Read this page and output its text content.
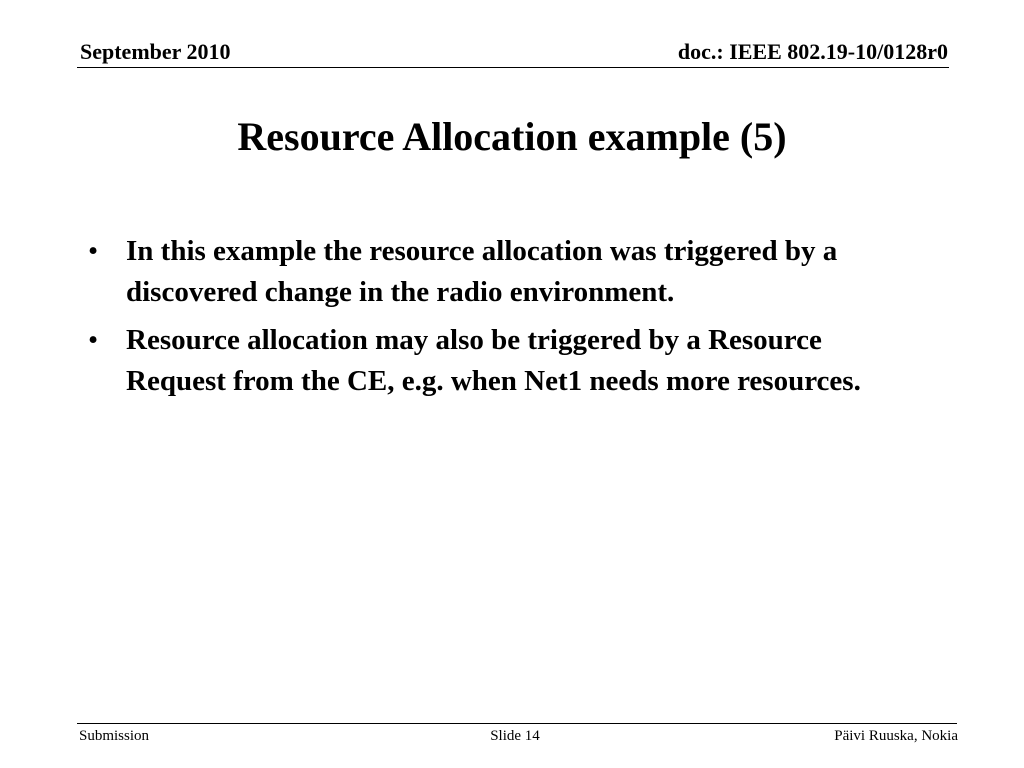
September 2010	doc.: IEEE 802.19-10/0128r0
Resource Allocation example (5)
• In this example the resource allocation was triggered by a discovered change in the radio environment.
• Resource allocation may also be triggered by a Resource Request from the CE, e.g. when Net1 needs more resources.
Submission	Slide 14	Päivi Ruuska, Nokia
